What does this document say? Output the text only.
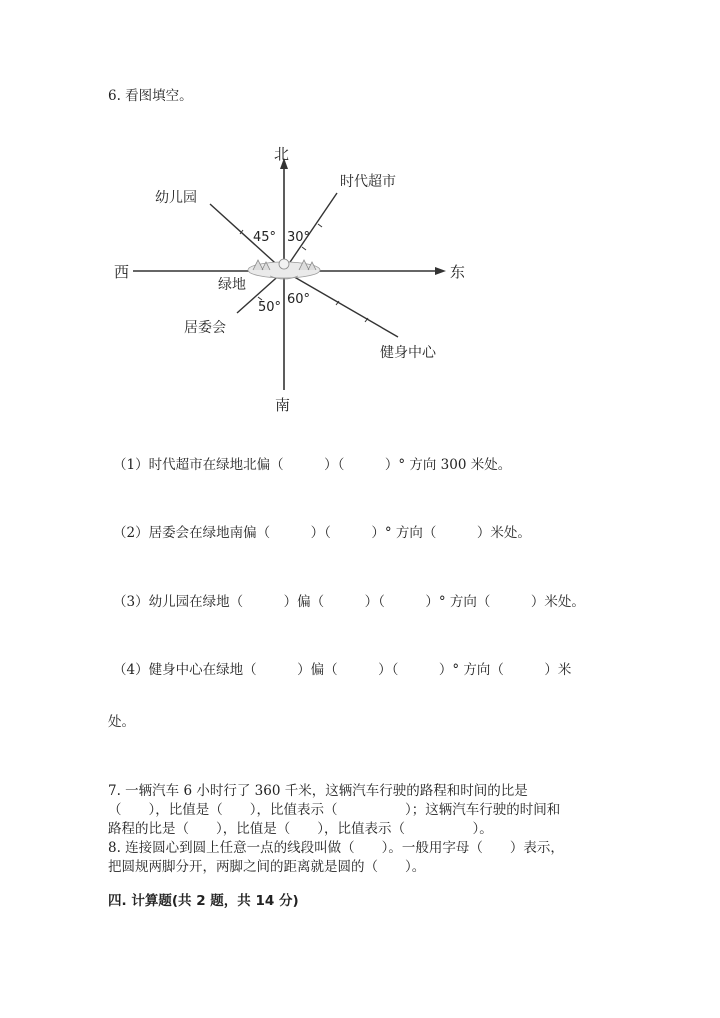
6. 看图填空。
北
南
西	东
绿地
幼儿园
时代超市
居委会
健身中心
45° 30°
50°
60°
（1）时代超市在绿地北偏（　　　）（　　　）° 方向 300 米处。
（2）居委会在绿地南偏（　　　）（　　　）° 方向（　　　）米处。
（3）幼儿园在绿地（　　　）偏（　　　）（　　　）° 方向（　　　）米处。
（4）健身中心在绿地（　　　）偏（　　　）（　　　）° 方向（　　　）米
处。
7. 一辆汽车 6 小时行了 360 千米，这辆汽车行驶的路程和时间的比是
（　　），比值是（　　），比值表示（　　　　　）；这辆汽车行驶的时间和
路程的比是（　　），比值是（　　），比值表示（　　　　　）。
8. 连接圆心到圆上任意一点的线段叫做（　　）。一般用字母（　　）表示，
把圆规两脚分开，两脚之间的距离就是圆的（　　）。
四. 计算题(共 2 题，共 14 分)
